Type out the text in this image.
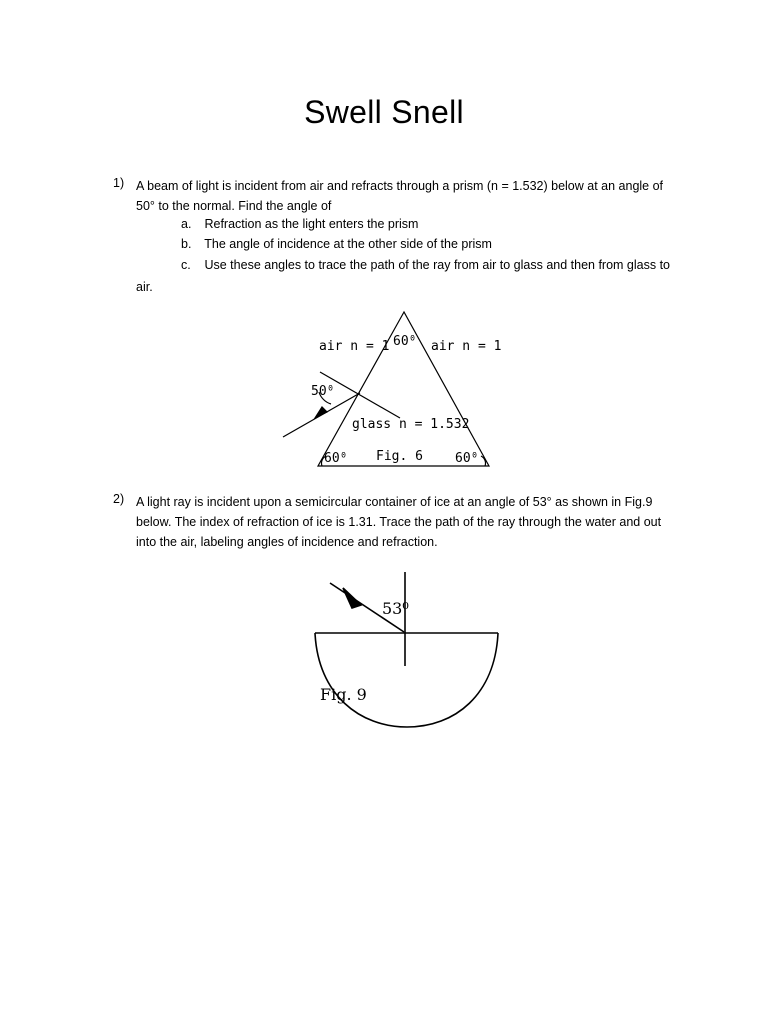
Swell Snell
1) A beam of light is incident from air and refracts through a prism (n = 1.532) below at an angle of
50° to the normal. Find the angle of
a. Refraction as the light enters the prism
b. The angle of incidence at the other side of the prism
c. Use these angles to trace the path of the ray from air to glass and then from glass to
air.
2) A light ray is incident upon a semicircular container of ice at an angle of 53° as shown in Fig.9
below. The index of refraction of ice is 1.31. Trace the path of the ray through the water and out
into the air, labeling angles of incidence and refraction.
air n = 1 60⁰ air n = 1
50⁰
glass n = 1.532
60⁰ Fig. 6 60⁰
53⁰
Fig. 9
